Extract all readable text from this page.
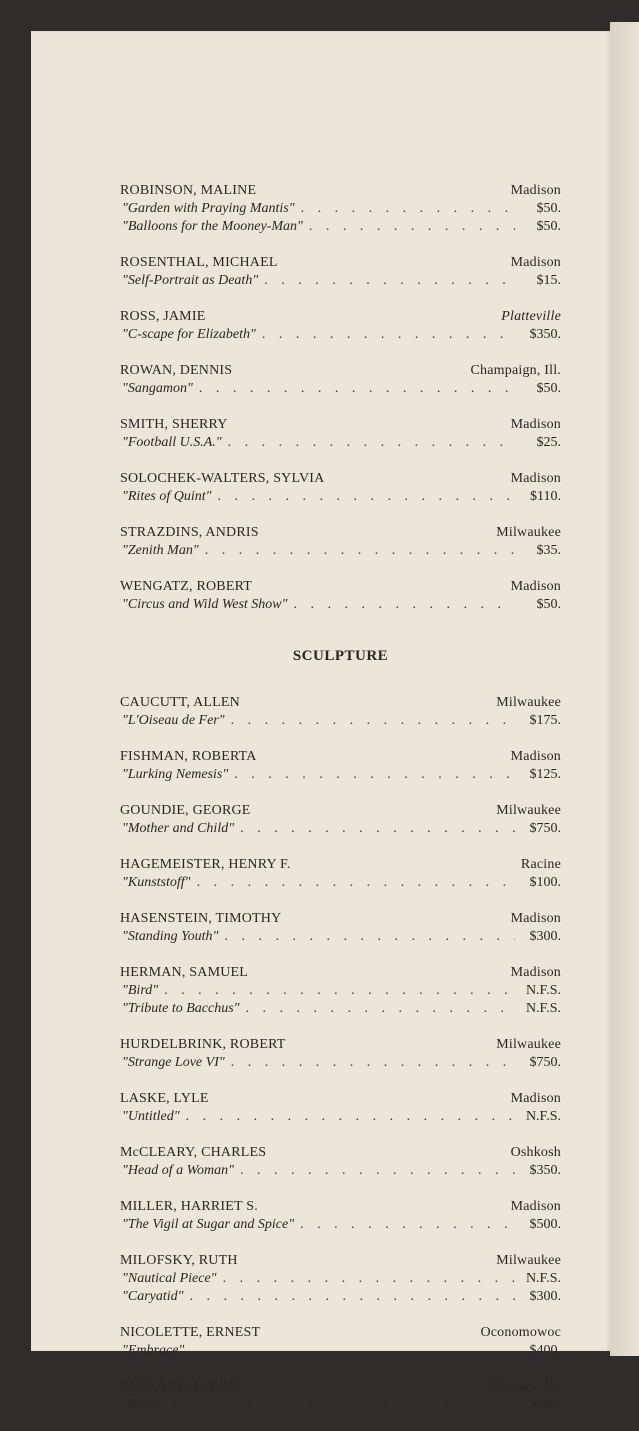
ROBINSON, MALINE	Madison
"Garden with Praying Mantis" . . .	$50.
"Balloons for the Mooney-Man" . . .	$50.
ROSENTHAL, MICHAEL	Madison
"Self-Portrait as Death" . . .	$15.
ROSS, JAMIE	Platteville
"C-scape for Elizabeth" . . .	$350.
ROWAN, DENNIS	Champaign, Ill.
"Sangamon" . . .	$50.
SMITH, SHERRY	Madison
"Football U.S.A." . . .	$25.
SOLOCHEK-WALTERS, SYLVIA	Madison
"Rites of Quint" . . .	$110.
STRAZDINS, ANDRIS	Milwaukee
"Zenith Man" . . .	$35.
WENGATZ, ROBERT	Madison
"Circus and Wild West Show" . . .	$50.
SCULPTURE
CAUCUTT, ALLEN	Milwaukee
"L'Oiseau de Fer" . . .	$175.
FISHMAN, ROBERTA	Madison
"Lurking Nemesis" . . .	$125.
GOUNDIE, GEORGE	Milwaukee
"Mother and Child" . . .	$750.
HAGEMEISTER, HENRY F.	Racine
"Kunststoff" . . .	$100.
HASENSTEIN, TIMOTHY	Madison
"Standing Youth" . . .	$300.
HERMAN, SAMUEL	Madison
"Bird" . . .	N.F.S.
"Tribute to Bacchus" . . .	N.F.S.
HURDELBRINK, ROBERT	Milwaukee
"Strange Love VI" . . .	$750.
LASKE, LYLE	Madison
"Untitled" . . .	N.F.S.
McCLEARY, CHARLES	Oshkosh
"Head of a Woman" . . .	$350.
MILLER, HARRIET S.	Madison
"The Vigil at Sugar and Spice" . . .	$500.
MILOFSKY, RUTH	Milwaukee
"Nautical Piece" . . .	N.F.S.
"Caryatid" . . .	$300.
NICOLETTE, ERNEST	Oconomowoc
"Embrace" . . .	$400.
PACKARD, DAVID	Chicago, Ill.
"Roar" . . .	$800.
